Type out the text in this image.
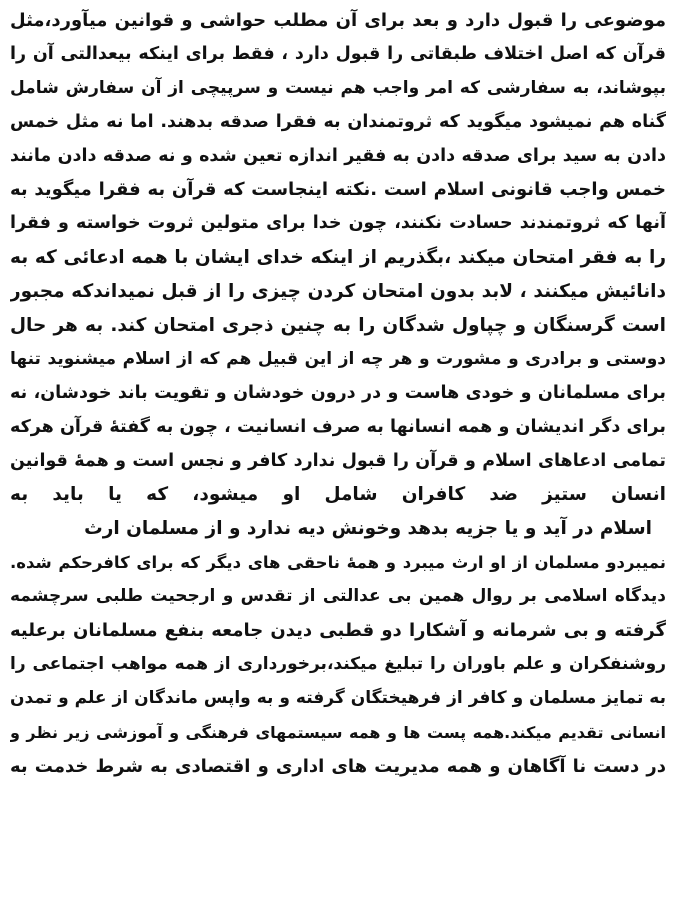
موضوعی را قبول دارد و بعد برای آن مطلب حواشی و قوانین میآورد،مثل
قرآن که اصل اختلاف طبقاتی را قبول دارد ، فقط برای اینکه بیعدالتی آن را
بپوشاند، به سفارشی که امر واجب هم نیست و سرپیچی از آن سفارش شامل
گناه هم نمیشود میگوید که ثروتمندان به فقرا صدقه بدهند. اما نه مثل خمس
دادن به سید برای صدقه دادن به فقیر اندازه تعین شده و نه صدقه دادن مانند
خمس واجب قانونی اسلام است .نکته اینجاست که قرآن به فقرا میگوید به
آنها که ثروتمندند حسادت نکنند، چون خدا برای متولین ثروت خواسته و فقرا
را به فقر امتحان میکند ،بگذریم از اینکه خدای ایشان با همه ادعائی که به
دانائیش میکنند ، لابد بدون امتحان کردن چیزی را از قبل نمیداندکه مجبور
است گرسنگان و چپاول شدگان را به چنین ذجری امتحان کند. به هر حال
دوستی و برادری و مشورت و هر چه از این قبیل هم که از اسلام میشنوید تنها
برای مسلمانان و خودی هاست و در درون خودشان و تقویت باند خودشان، نه
برای دگر اندیشان و همه انسانها به صرف انسانیت ، چون به گفتهٔ قرآن هرکه
تمامی ادعاهای اسلام و قرآن را قبول ندارد کافر و نجس است و همهٔ قوانین
انسان ستیز ضد کافران شامل او میشود، که یا باید به
اسلام در آید و یا جزیه بدهد وخونش دیه ندارد و از مسلمان ارث
نمیبردو مسلمان از او ارث میبرد و همهٔ ناحقی های دیگر که برای کافرحکم شده.
دیدگاه اسلامی بر روال همین بی عدالتی از تقدس و ارجحیت طلبی سرچشمه
گرفته و بی شرمانه و آشکارا دو قطبی دیدن جامعه بنفع مسلمانان برعلیه
روشنفکران و علم باوران را تبلیغ میکند،برخورداری از همه مواهب اجتماعی را
به تمایز مسلمان و کافر از فرهیختگان گرفته و به واپس ماندگان از علم و تمدن
انسانی تقدیم میکند.همه پست ها و همه سیستمهای فرهنگی و آموزشی زیر نظر و
در دست نا آگاهان و همه مدیریت های اداری و اقتصادی به شرط خدمت به
